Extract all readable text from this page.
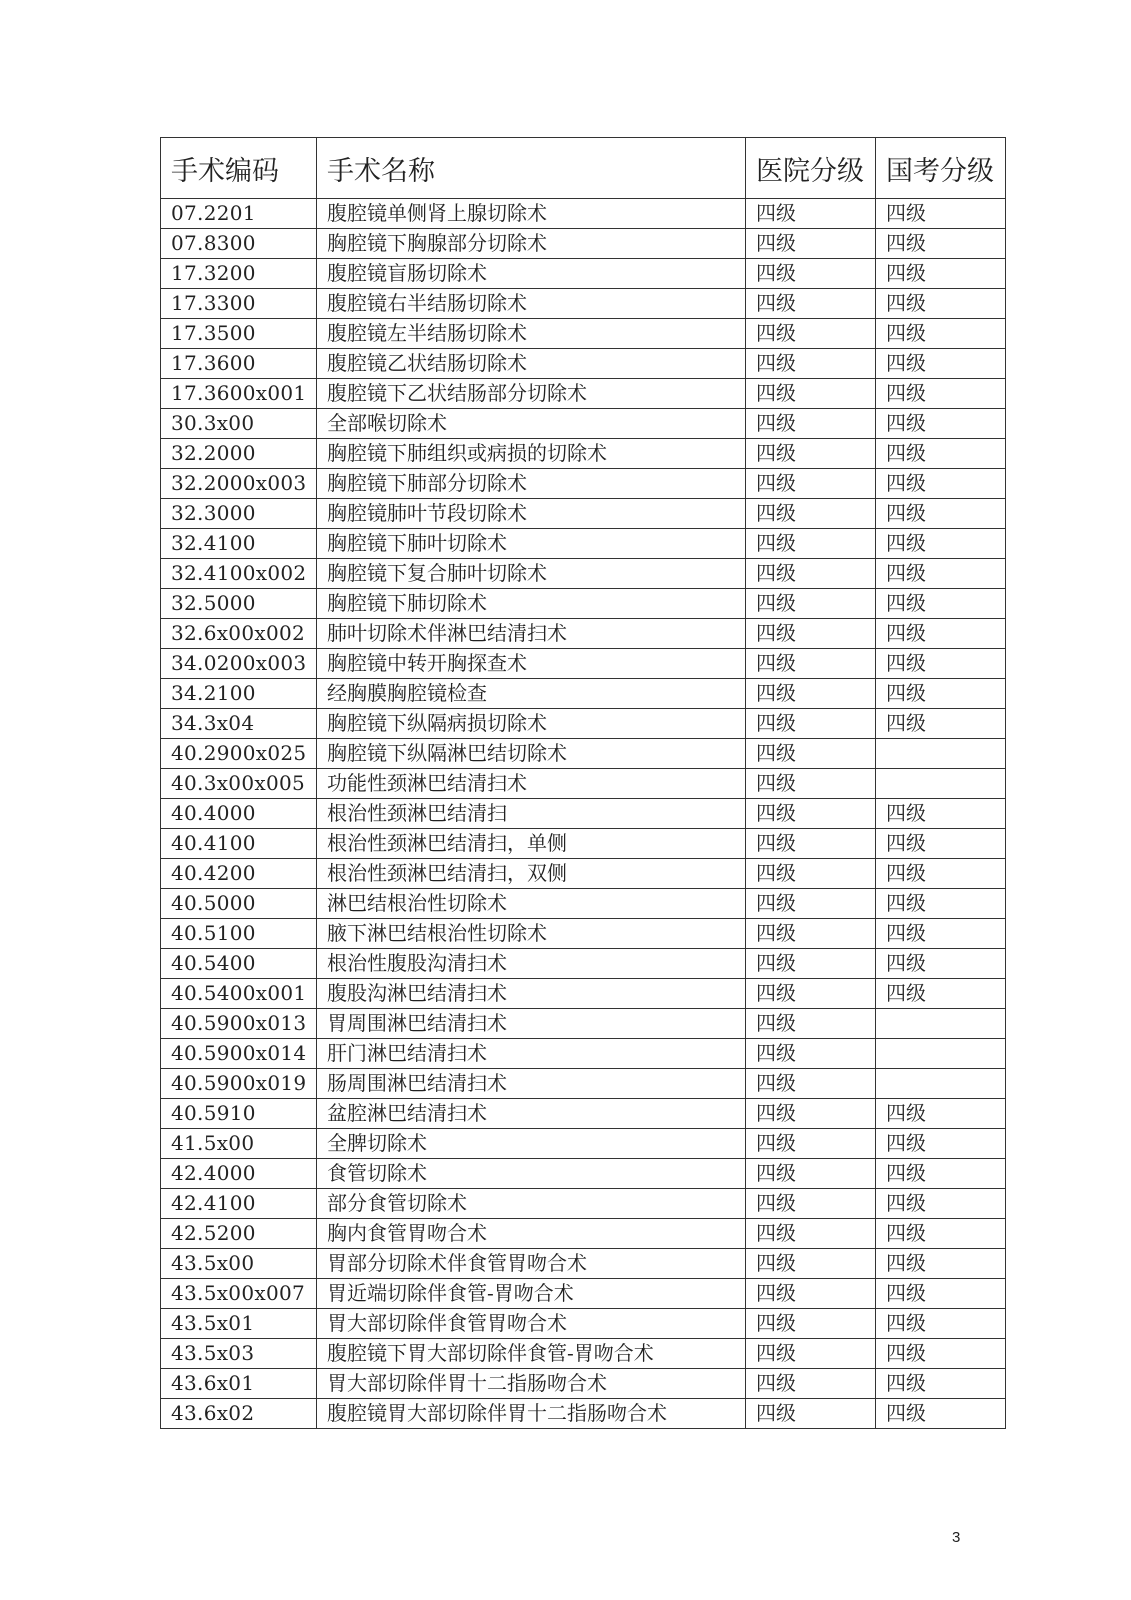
手术编码	手术名称	医院分级	国考分级
07.2201	腹腔镜单侧肾上腺切除术	四级	四级
07.8300	胸腔镜下胸腺部分切除术	四级	四级
17.3200	腹腔镜盲肠切除术	四级	四级
17.3300	腹腔镜右半结肠切除术	四级	四级
17.3500	腹腔镜左半结肠切除术	四级	四级
17.3600	腹腔镜乙状结肠切除术	四级	四级
17.3600x001	腹腔镜下乙状结肠部分切除术	四级	四级
30.3x00	全部喉切除术	四级	四级
32.2000	胸腔镜下肺组织或病损的切除术	四级	四级
32.2000x003	胸腔镜下肺部分切除术	四级	四级
32.3000	胸腔镜肺叶节段切除术	四级	四级
32.4100	胸腔镜下肺叶切除术	四级	四级
32.4100x002	胸腔镜下复合肺叶切除术	四级	四级
32.5000	胸腔镜下肺切除术	四级	四级
32.6x00x002	肺叶切除术伴淋巴结清扫术	四级	四级
34.0200x003	胸腔镜中转开胸探查术	四级	四级
34.2100	经胸膜胸腔镜检查	四级	四级
34.3x04	胸腔镜下纵隔病损切除术	四级	四级
40.2900x025	胸腔镜下纵隔淋巴结切除术	四级	
40.3x00x005	功能性颈淋巴结清扫术	四级	
40.4000	根治性颈淋巴结清扫	四级	四级
40.4100	根治性颈淋巴结清扫，单侧	四级	四级
40.4200	根治性颈淋巴结清扫，双侧	四级	四级
40.5000	淋巴结根治性切除术	四级	四级
40.5100	腋下淋巴结根治性切除术	四级	四级
40.5400	根治性腹股沟清扫术	四级	四级
40.5400x001	腹股沟淋巴结清扫术	四级	四级
40.5900x013	胃周围淋巴结清扫术	四级	
40.5900x014	肝门淋巴结清扫术	四级	
40.5900x019	肠周围淋巴结清扫术	四级	
40.5910	盆腔淋巴结清扫术	四级	四级
41.5x00	全脾切除术	四级	四级
42.4000	食管切除术	四级	四级
42.4100	部分食管切除术	四级	四级
42.5200	胸内食管胃吻合术	四级	四级
43.5x00	胃部分切除术伴食管胃吻合术	四级	四级
43.5x00x007	胃近端切除伴食管-胃吻合术	四级	四级
43.5x01	胃大部切除伴食管胃吻合术	四级	四级
43.5x03	腹腔镜下胃大部切除伴食管-胃吻合术	四级	四级
43.6x01	胃大部切除伴胃十二指肠吻合术	四级	四级
43.6x02	腹腔镜胃大部切除伴胃十二指肠吻合术	四级	四级
3
